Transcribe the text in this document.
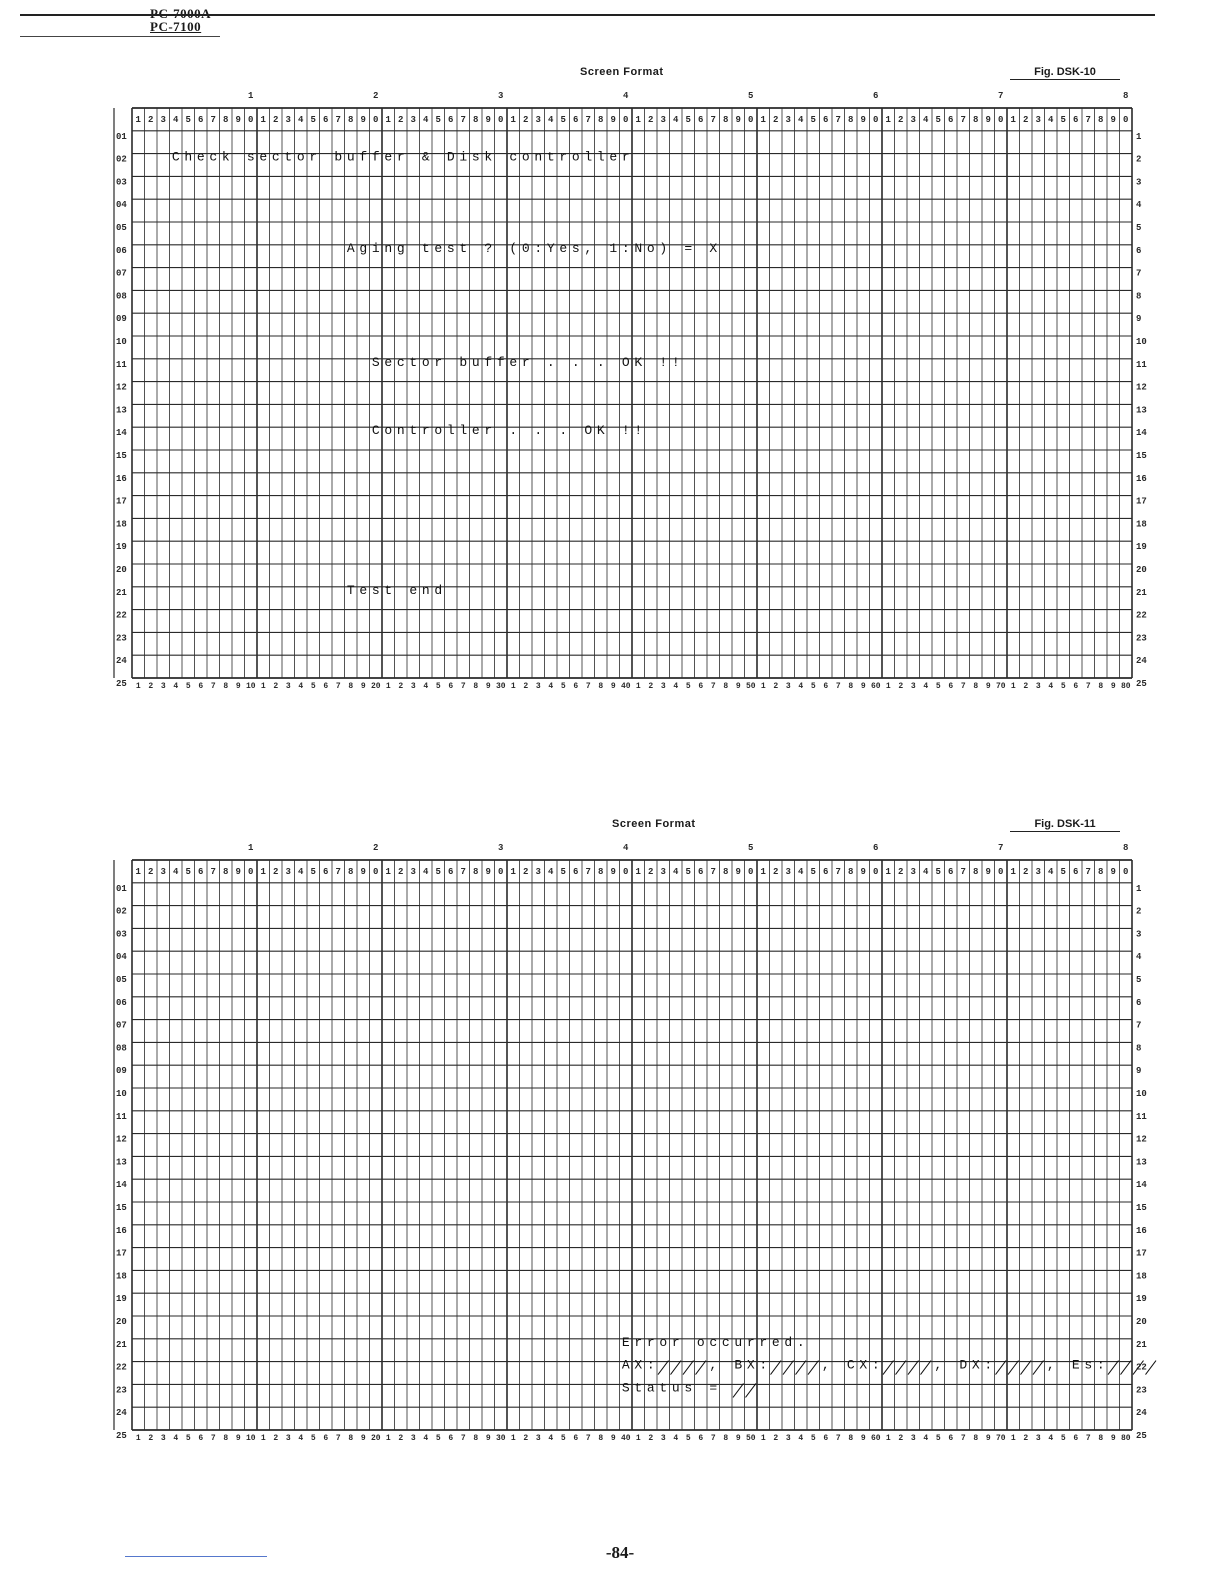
PC-7000A
PC-7100
Screen Format	Fig. DSK-10
1	2	3	4	5	6	7	8
1 2 3 4 5 6 7 8 9 0 1 2 3 4 5 6 7 8 9 0 1 2 3 4 5 6 7 8 9 0 1 2 3 4 5 6 7 8 9 0 1 2 3 4 5 6 7 8 9 0 1 2 3 4 5 6 7 8 9 0 1 2 3 4 5 6 7 8 9 0 1 2 3 4 5 6 7 8 9 0
01	1
02	2
03	3
04	4
05	5
06	6
07	7
08	8
09	9
10	10
11	11
12	12
13	13
14	14
15	15
16	16
17	17
18	18
19	19
20	20
21	21
22	22
23	23
24	24
25	25
1 2 3 4 5 6 7 8 9 10 1 2 3 4 5 6 7 8 9 20 1 2 3 4 5 6 7 8 9 30 1 2 3 4 5 6 7 8 9 40 1 2 3 4 5 6 7 8 9 50 1 2 3 4 5 6 7 8 9 60 1 2 3 4 5 6 7 8 9 70 1 2 3 4 5 6 7 8 9 80
C h e c k s e c t o r b u f f e r & D i s k c o n t r o l l e r
A g i n g t e s t ? ( 0 : Y e s , 1 : N o ) = X
S e c t o r b u f f e r . . . O K ! !
C o n t r o l l e r . . . O K ! !
T e s t e n d
Screen Format	Fig. DSK-11
1	2	3	4	5	6	7	8
1 2 3 4 5 6 7 8 9 0 1 2 3 4 5 6 7 8 9 0 1 2 3 4 5 6 7 8 9 0 1 2 3 4 5 6 7 8 9 0 1 2 3 4 5 6 7 8 9 0 1 2 3 4 5 6 7 8 9 0 1 2 3 4 5 6 7 8 9 0 1 2 3 4 5 6 7 8 9 0
01	1
02	2
03	3
04	4
05	5
06	6
07	7
08	8
09	9
10	10
11	11
12	12
13	13
14	14
15	15
16	16
17	17
18	18
19	19
20	20
21	21
22	22
23	23
24	24
25	25
1 2 3 4 5 6 7 8 9 10 1 2 3 4 5 6 7 8 9 20 1 2 3 4 5 6 7 8 9 30 1 2 3 4 5 6 7 8 9 40 1 2 3 4 5 6 7 8 9 50 1 2 3 4 5 6 7 8 9 60 1 2 3 4 5 6 7 8 9 70 1 2 3 4 5 6 7 8 9 80
E r r o r o c c u r r e d .
A X :	, B X :	, C X :	, D X :	, E s :
S t a t u s =
-84-
